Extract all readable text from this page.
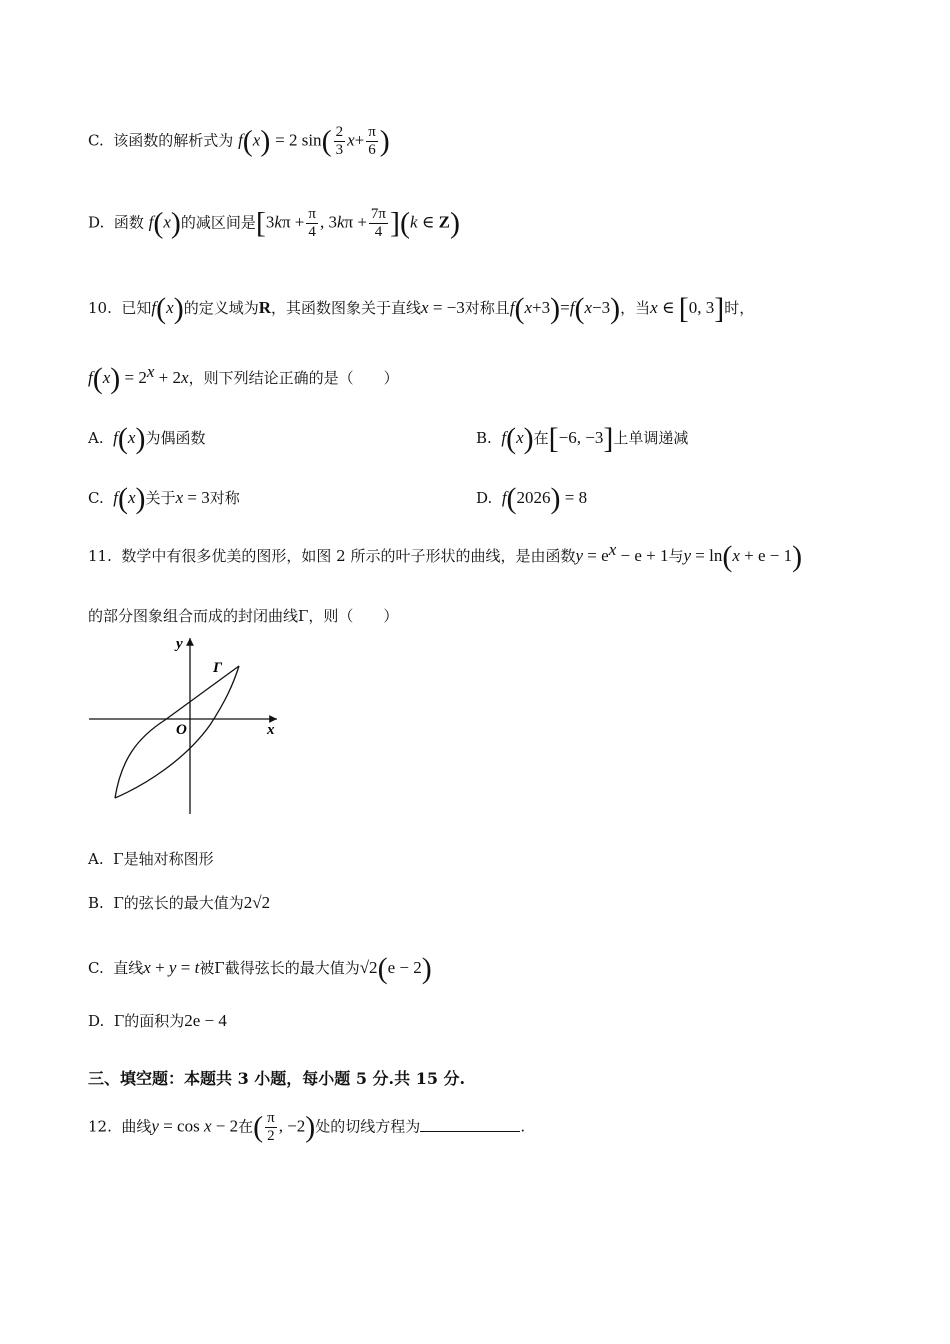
C. 该函数的解析式为 f(x) = 2 $\sin( \frac{2}{3} x+ \frac{\pi}{6}$ )
D. 函数 f(x)的减区间是[$3k\pi + \frac{\pi}{4}$ , $3k\pi + \frac{7\pi}{4} ](k$ ∈ Z)
10. 已知f(x)的定义域为R，其函数图象关于直线x = −3对称且f(x+3)=f(x−3)，当x ∈ [0, 3]时，
$f(x) = 2^x + 2x$，则下列结论正确的是（　　）
A. f(x)为偶函数	B. f(x)在[−6, −3]上单调递减
C. f(x)关于x = 3对称	D. f(2026) = 8
11. 数学中有很多优美的图形，如图 2 所示的叶子形状的曲线，是由函数$y = e^x - e + 1$与y = ln(x + e − 1)
的部分图象组合而成的封闭曲线Γ，则（　　）
y
x
O
Γ
A. Γ是轴对称图形
B. Γ的弦长的最大值为2√2
C. 直线x + y = t被Γ截得弦长的最大值为√2(e − 2)
D. Γ的面积为2e − 4
三、填空题：本题共 3 小题，每小题 5 分.共 15 分.
12. 曲线y = cos x − 2在( $\frac{\pi}{2}$ , −2)处的切线方程为	.
